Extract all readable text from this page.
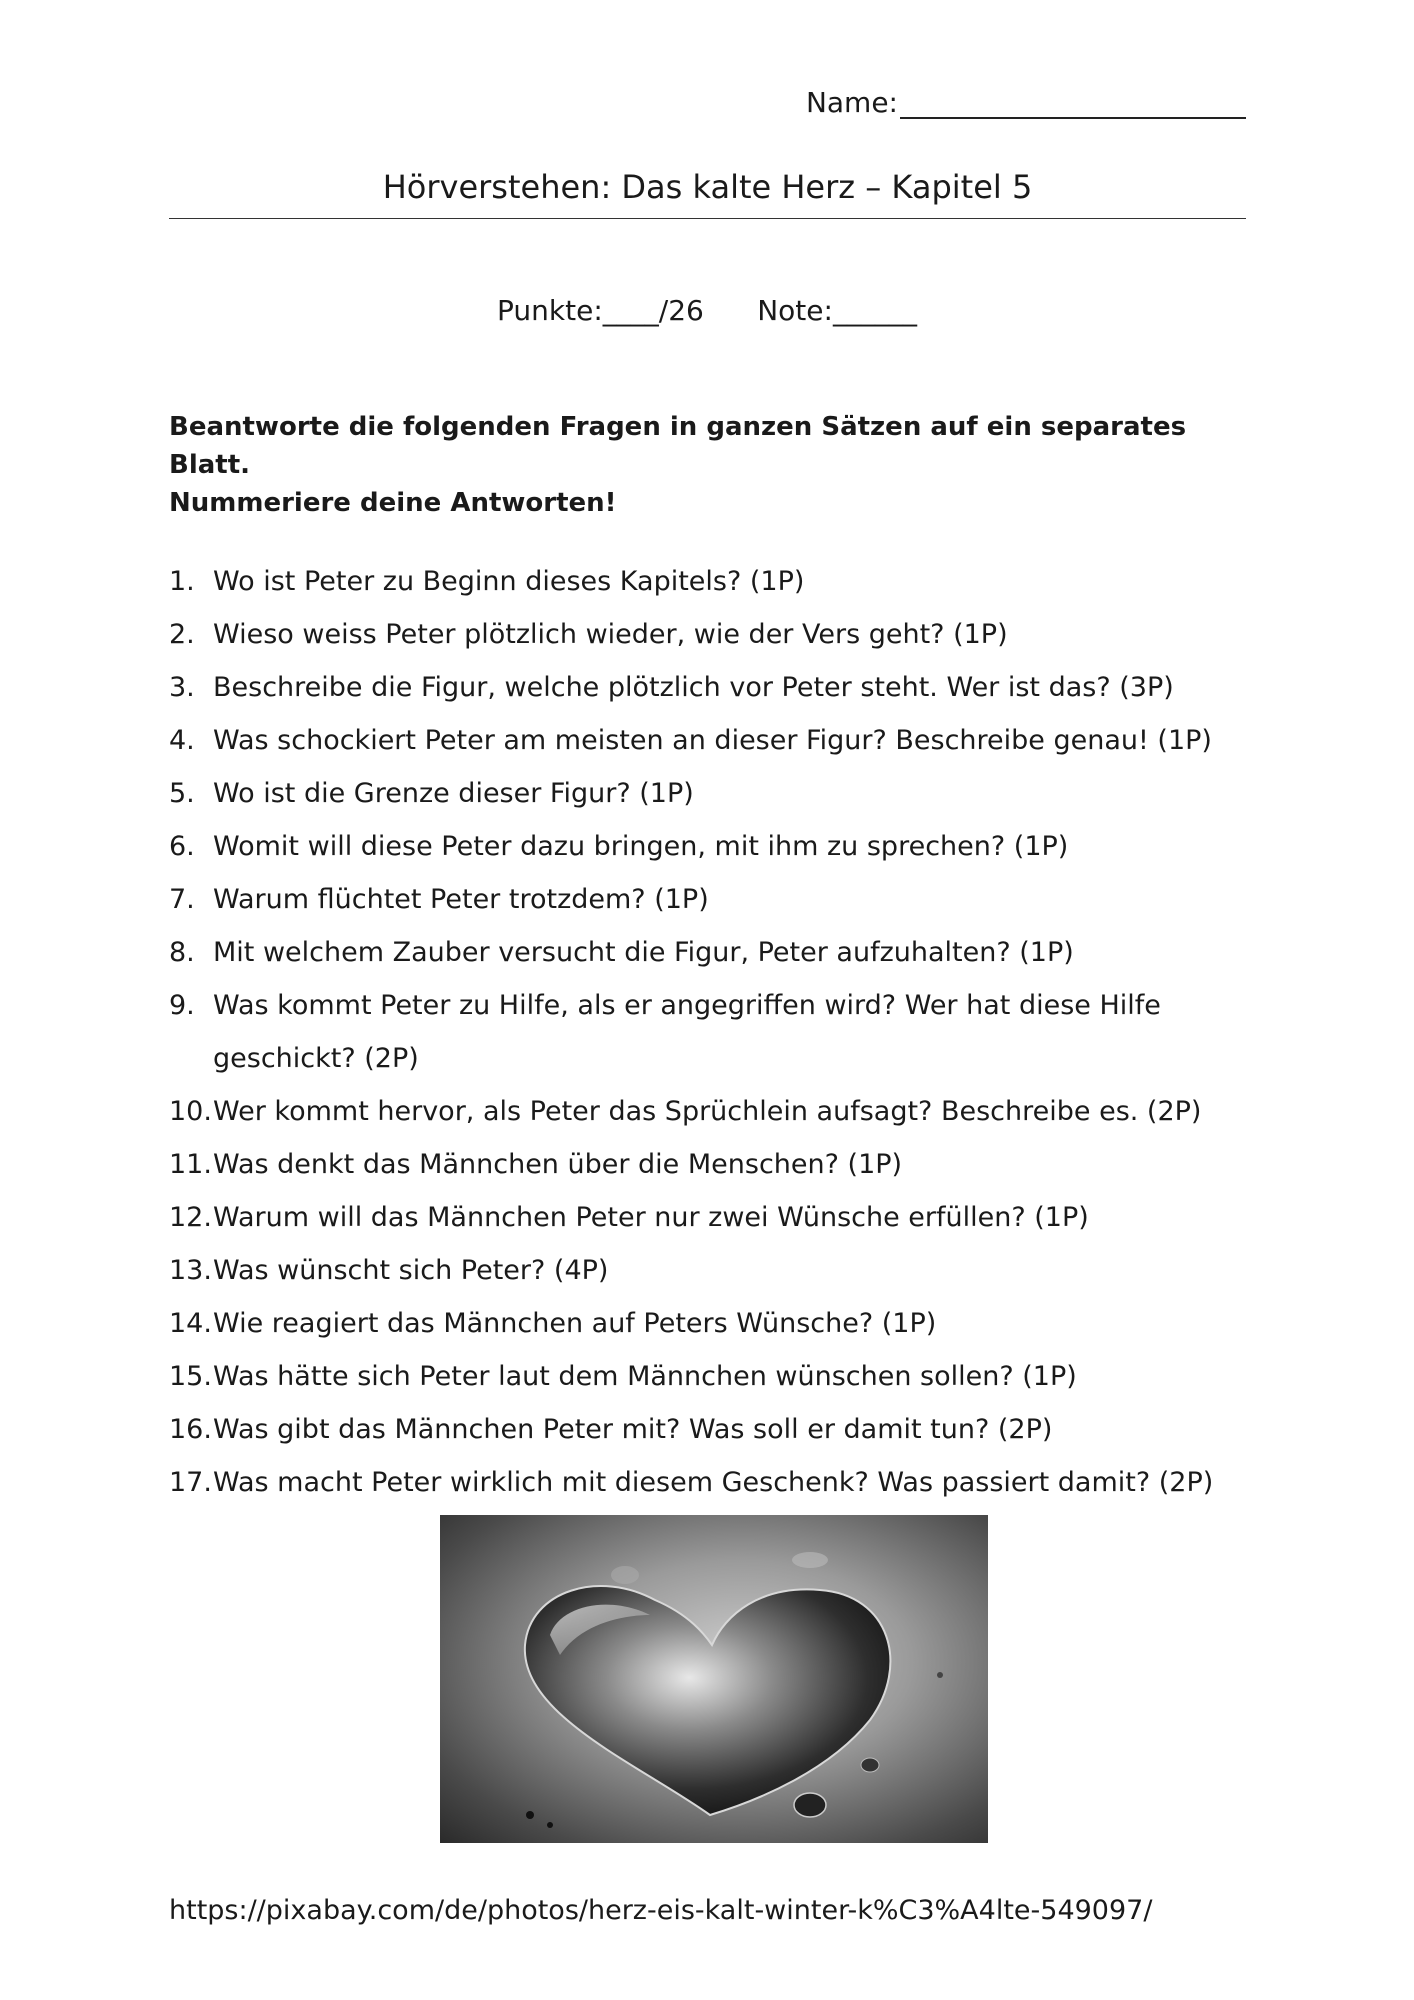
Name:
Hörverstehen: Das kalte Herz – Kapitel 5
Punkte:____/26      Note:______
Beantworte die folgenden Fragen in ganzen Sätzen auf ein separates Blatt.
Nummeriere deine Antworten!
1. Wo ist Peter zu Beginn dieses Kapitels? (1P)
2. Wieso weiss Peter plötzlich wieder, wie der Vers geht? (1P)
3. Beschreibe die Figur, welche plötzlich vor Peter steht. Wer ist das? (3P)
4. Was schockiert Peter am meisten an dieser Figur? Beschreibe genau! (1P)
5. Wo ist die Grenze dieser Figur? (1P)
6. Womit will diese Peter dazu bringen, mit ihm zu sprechen? (1P)
7. Warum flüchtet Peter trotzdem? (1P)
8. Mit welchem Zauber versucht die Figur, Peter aufzuhalten? (1P)
9. Was kommt Peter zu Hilfe, als er angegriffen wird? Wer hat diese Hilfe geschickt? (2P)
10. Wer kommt hervor, als Peter das Sprüchlein aufsagt? Beschreibe es. (2P)
11. Was denkt das Männchen über die Menschen? (1P)
12. Warum will das Männchen Peter nur zwei Wünsche erfüllen? (1P)
13. Was wünscht sich Peter? (4P)
14. Wie reagiert das Männchen auf Peters Wünsche? (1P)
15. Was hätte sich Peter laut dem Männchen wünschen sollen? (1P)
16. Was gibt das Männchen Peter mit? Was soll er damit tun? (2P)
17. Was macht Peter wirklich mit diesem Geschenk? Was passiert damit? (2P)
https://pixabay.com/de/photos/herz-eis-kalt-winter-k%C3%A4lte-549097/
